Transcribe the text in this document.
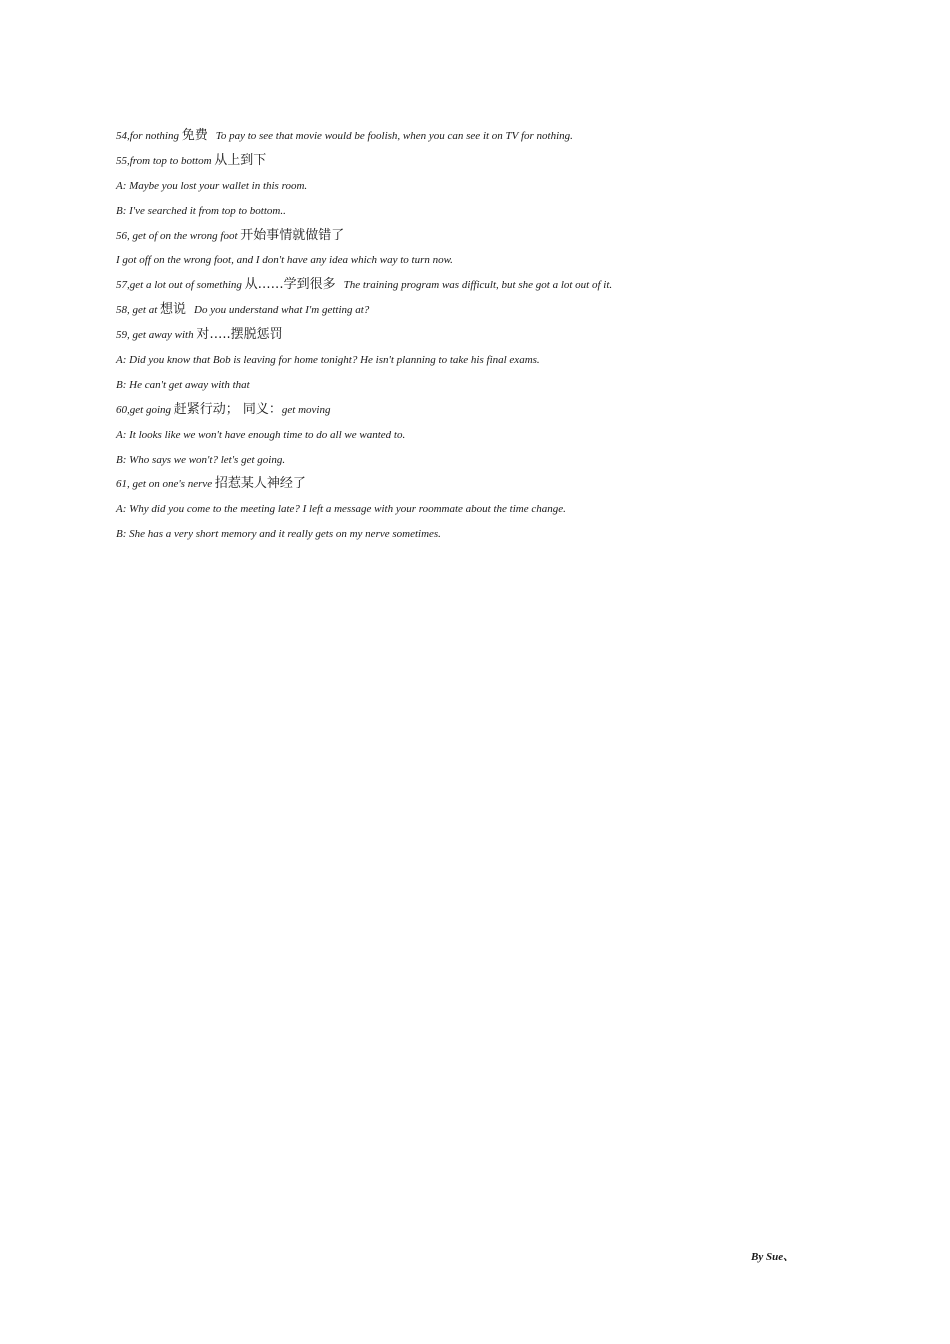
54,for nothing 免费 To pay to see that movie would be foolish, when you can see it on TV for nothing.
55,from top to bottom 从上到下
A: Maybe you lost your wallet in this room.
B: I've searched it from top to bottom..
56, get of on the wrong foot 开始事情就做错了
I got off on the wrong foot, and I don't have any idea which way to turn now.
57,get a lot out of something 从……学到很多 The training program was difficult, but she got a lot out of it.
58, get at 想说 Do you understand what I'm getting at?
59, get away with 对…..摆脱惩罚
A: Did you know that Bob is leaving for home tonight? He isn't planning to take his final exams.
B: He can't get away with that
60,get going 赶紧行动； 同义：get moving
A: It looks like we won't have enough time to do all we wanted to.
B: Who says we won't? let's get going.
61, get on one's nerve 招惹某人神经了
A: Why did you come to the meeting late? I left a message with your roommate about the time change.
B: She has a very short memory and it really gets on my nerve sometimes.
By Sue、
